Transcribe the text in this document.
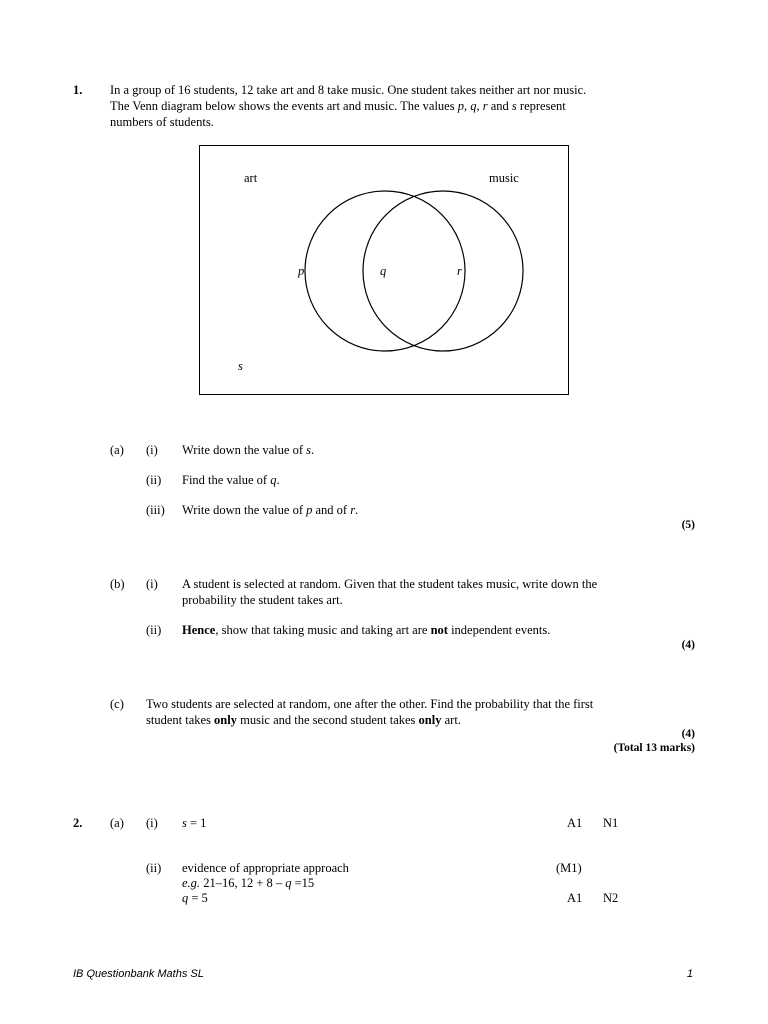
1. In a group of 16 students, 12 take art and 8 take music. One student takes neither art nor music.
The Venn diagram below shows the events art and music. The values p, q, r and s represent
numbers of students.
art	music
p	q	r
s
(a) (i) Write down the value of s.
(ii) Find the value of q.
(iii) Write down the value of p and of r.
(5)
(b) (i) A student is selected at random. Given that the student takes music, write down the
probability the student takes art.
(ii) Hence, show that taking music and taking art are not independent events.
(4)
(c) Two students are selected at random, one after the other. Find the probability that the first
student takes only music and the second student takes only art.
(4)
(Total 13 marks)
2. (a) (i) s = 1	A1 N1
(ii) evidence of appropriate approach	(M1)
e.g. 21–16, 12 + 8 – q =15
q = 5	A1 N2
IB Questionbank Maths SL	1
